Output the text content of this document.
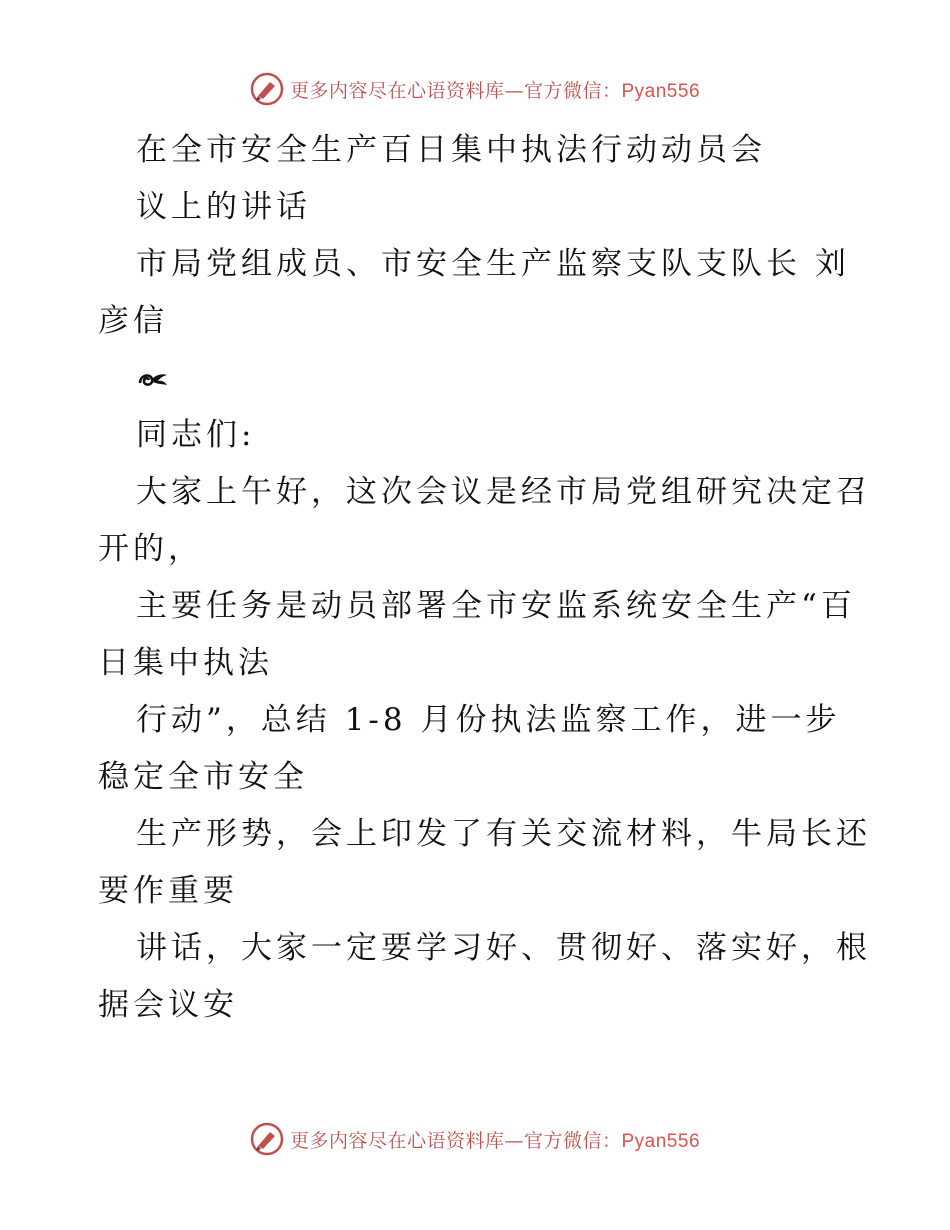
更多内容尽在心语资料库—官方微信：Pyan556
在全市安全生产百日集中执法行动动员会
议上的讲话
市局党组成员、市安全生产监察支队支队长 刘
彦信
同志们:
大家上午好，这次会议是经市局党组研究决定召
开的，
主要任务是动员部署全市安监系统安全生产“百
日集中执法
行动”，总结 1-8 月份执法监察工作，进一步
稳定全市安全
生产形势，会上印发了有关交流材料，牛局长还
要作重要
讲话，大家一定要学习好、贯彻好、落实好，根
据会议安
更多内容尽在心语资料库—官方微信：Pyan556
